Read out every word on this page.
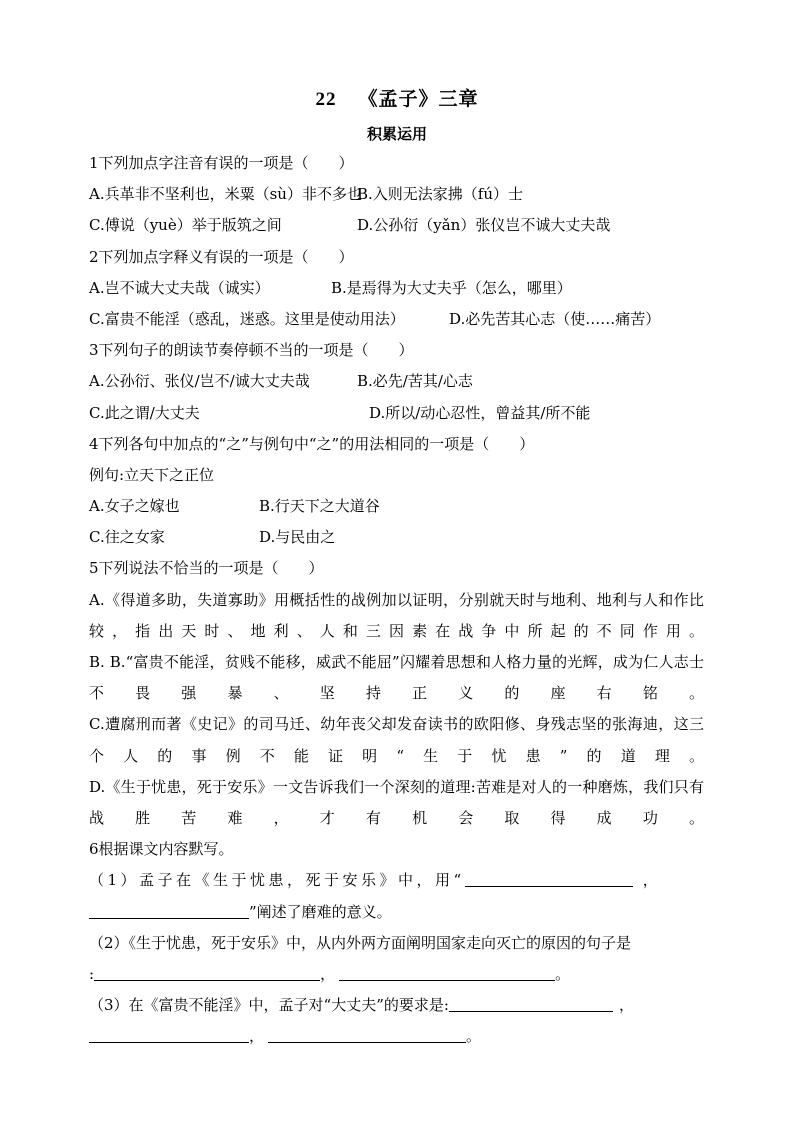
22 《孟子》三章
积累运用
1下列加点字注音有误的一项是（　　）
A.兵革非不坚利也，米粟（sù）非不多也B.入则无法家拂（fú）士
C.傅说（yuè）举于版筑之间	D.公孙衍（yǎn）张仪岂不诚大丈夫哉
2下列加点字释义有误的一项是（　　）
A.岂不诚大丈夫哉（诚实）	B.是焉得为大丈夫乎（怎么，哪里）
C.富贵不能淫（惑乱，迷惑。这里是使动用法）	D.必先苦其心志（使……痛苦）
3下列句子的朗读节奏停顿不当的一项是（　　）
A.公孙衍、张仪/岂不/诚大丈夫哉	B.必先/苦其/心志
C.此之谓/大丈夫	D.所以/动心忍性，曾益其/所不能
4下列各句中加点的“之”与例句中“之”的用法相同的一项是（　　）
例句:立天下之正位
A.女子之嫁也	B.行天下之大道谷
C.往之女家	D.与民由之
5下列说法不恰当的一项是（　　）
A.《得道多助，失道寡助》用概括性的战例加以证明，分别就天时与地利、地利与人和作比较，指出天时、地利、人和三因素在战争中所起的不同作用。
B. B.“富贵不能淫，贫贱不能移，威武不能屈”闪耀着思想和人格力量的光辉，成为仁人志士不畏强暴、坚持正义的座右铭。
C.遭腐刑而著《史记》的司马迁、幼年丧父却发奋读书的欧阳修、身残志坚的张海迪，这三个人的事例不能证明“生于忧患”的道理。
D.《生于忧患，死于安乐》一文告诉我们一个深刻的道理:苦难是对人的一种磨炼，我们只有战胜苦难，才有机会取得成功。
6根据课文内容默写。
（1）孟子在《生于忧患，死于安乐》中，用“	，
”阐述了磨难的意义。
（2）《生于忧患，死于安乐》中，从内外两方面阐明国家走向灭亡的原因的句子是
:	，	。
（3）在《富贵不能淫》中，孟子对“大丈夫”的要求是:	，
，	。
